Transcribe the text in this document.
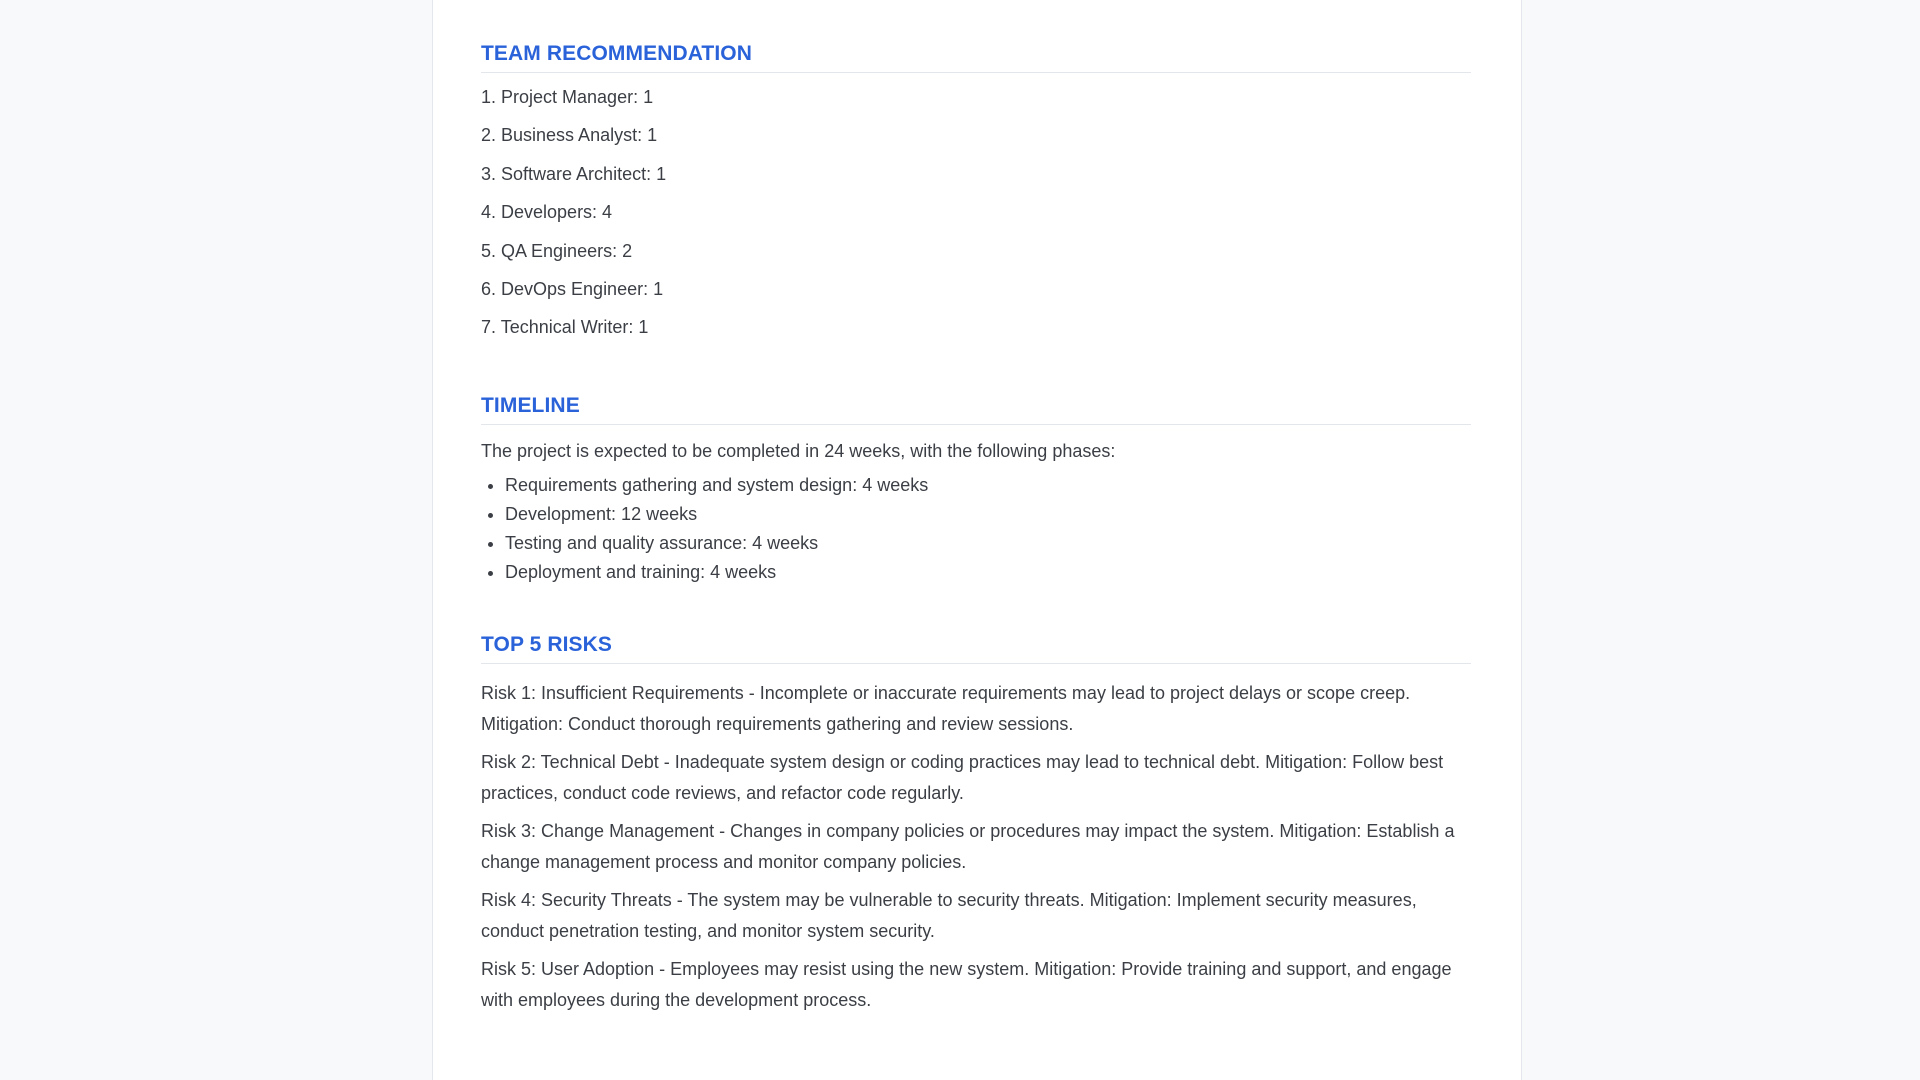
TEAM RECOMMENDATION
1. Project Manager: 1
2. Business Analyst: 1
3. Software Architect: 1
4. Developers: 4
5. QA Engineers: 2
6. DevOps Engineer: 1
7. Technical Writer: 1
TIMELINE

The project is expected to be completed in 24 weeks, with the following phases:

• Requirements gathering and system design: 4 weeks
• Development: 12 weeks
• Testing and quality assurance: 4 weeks
• Deployment and training: 4 weeks
TOP 5 RISKS

Risk 1: Insufficient Requirements - Incomplete or inaccurate requirements may lead to project delays or scope creep. Mitigation: Conduct thorough requirements gathering and review sessions.

Risk 2: Technical Debt - Inadequate system design or coding practices may lead to technical debt. Mitigation: Follow best practices, conduct code reviews, and refactor code regularly.

Risk 3: Change Management - Changes in company policies or procedures may impact the system. Mitigation: Establish a change management process and monitor company policies.

Risk 4: Security Threats - The system may be vulnerable to security threats. Mitigation: Implement security measures, conduct penetration testing, and monitor system security.

Risk 5: User Adoption - Employees may resist using the new system. Mitigation: Provide training and support, and engage with employees during the development process.
